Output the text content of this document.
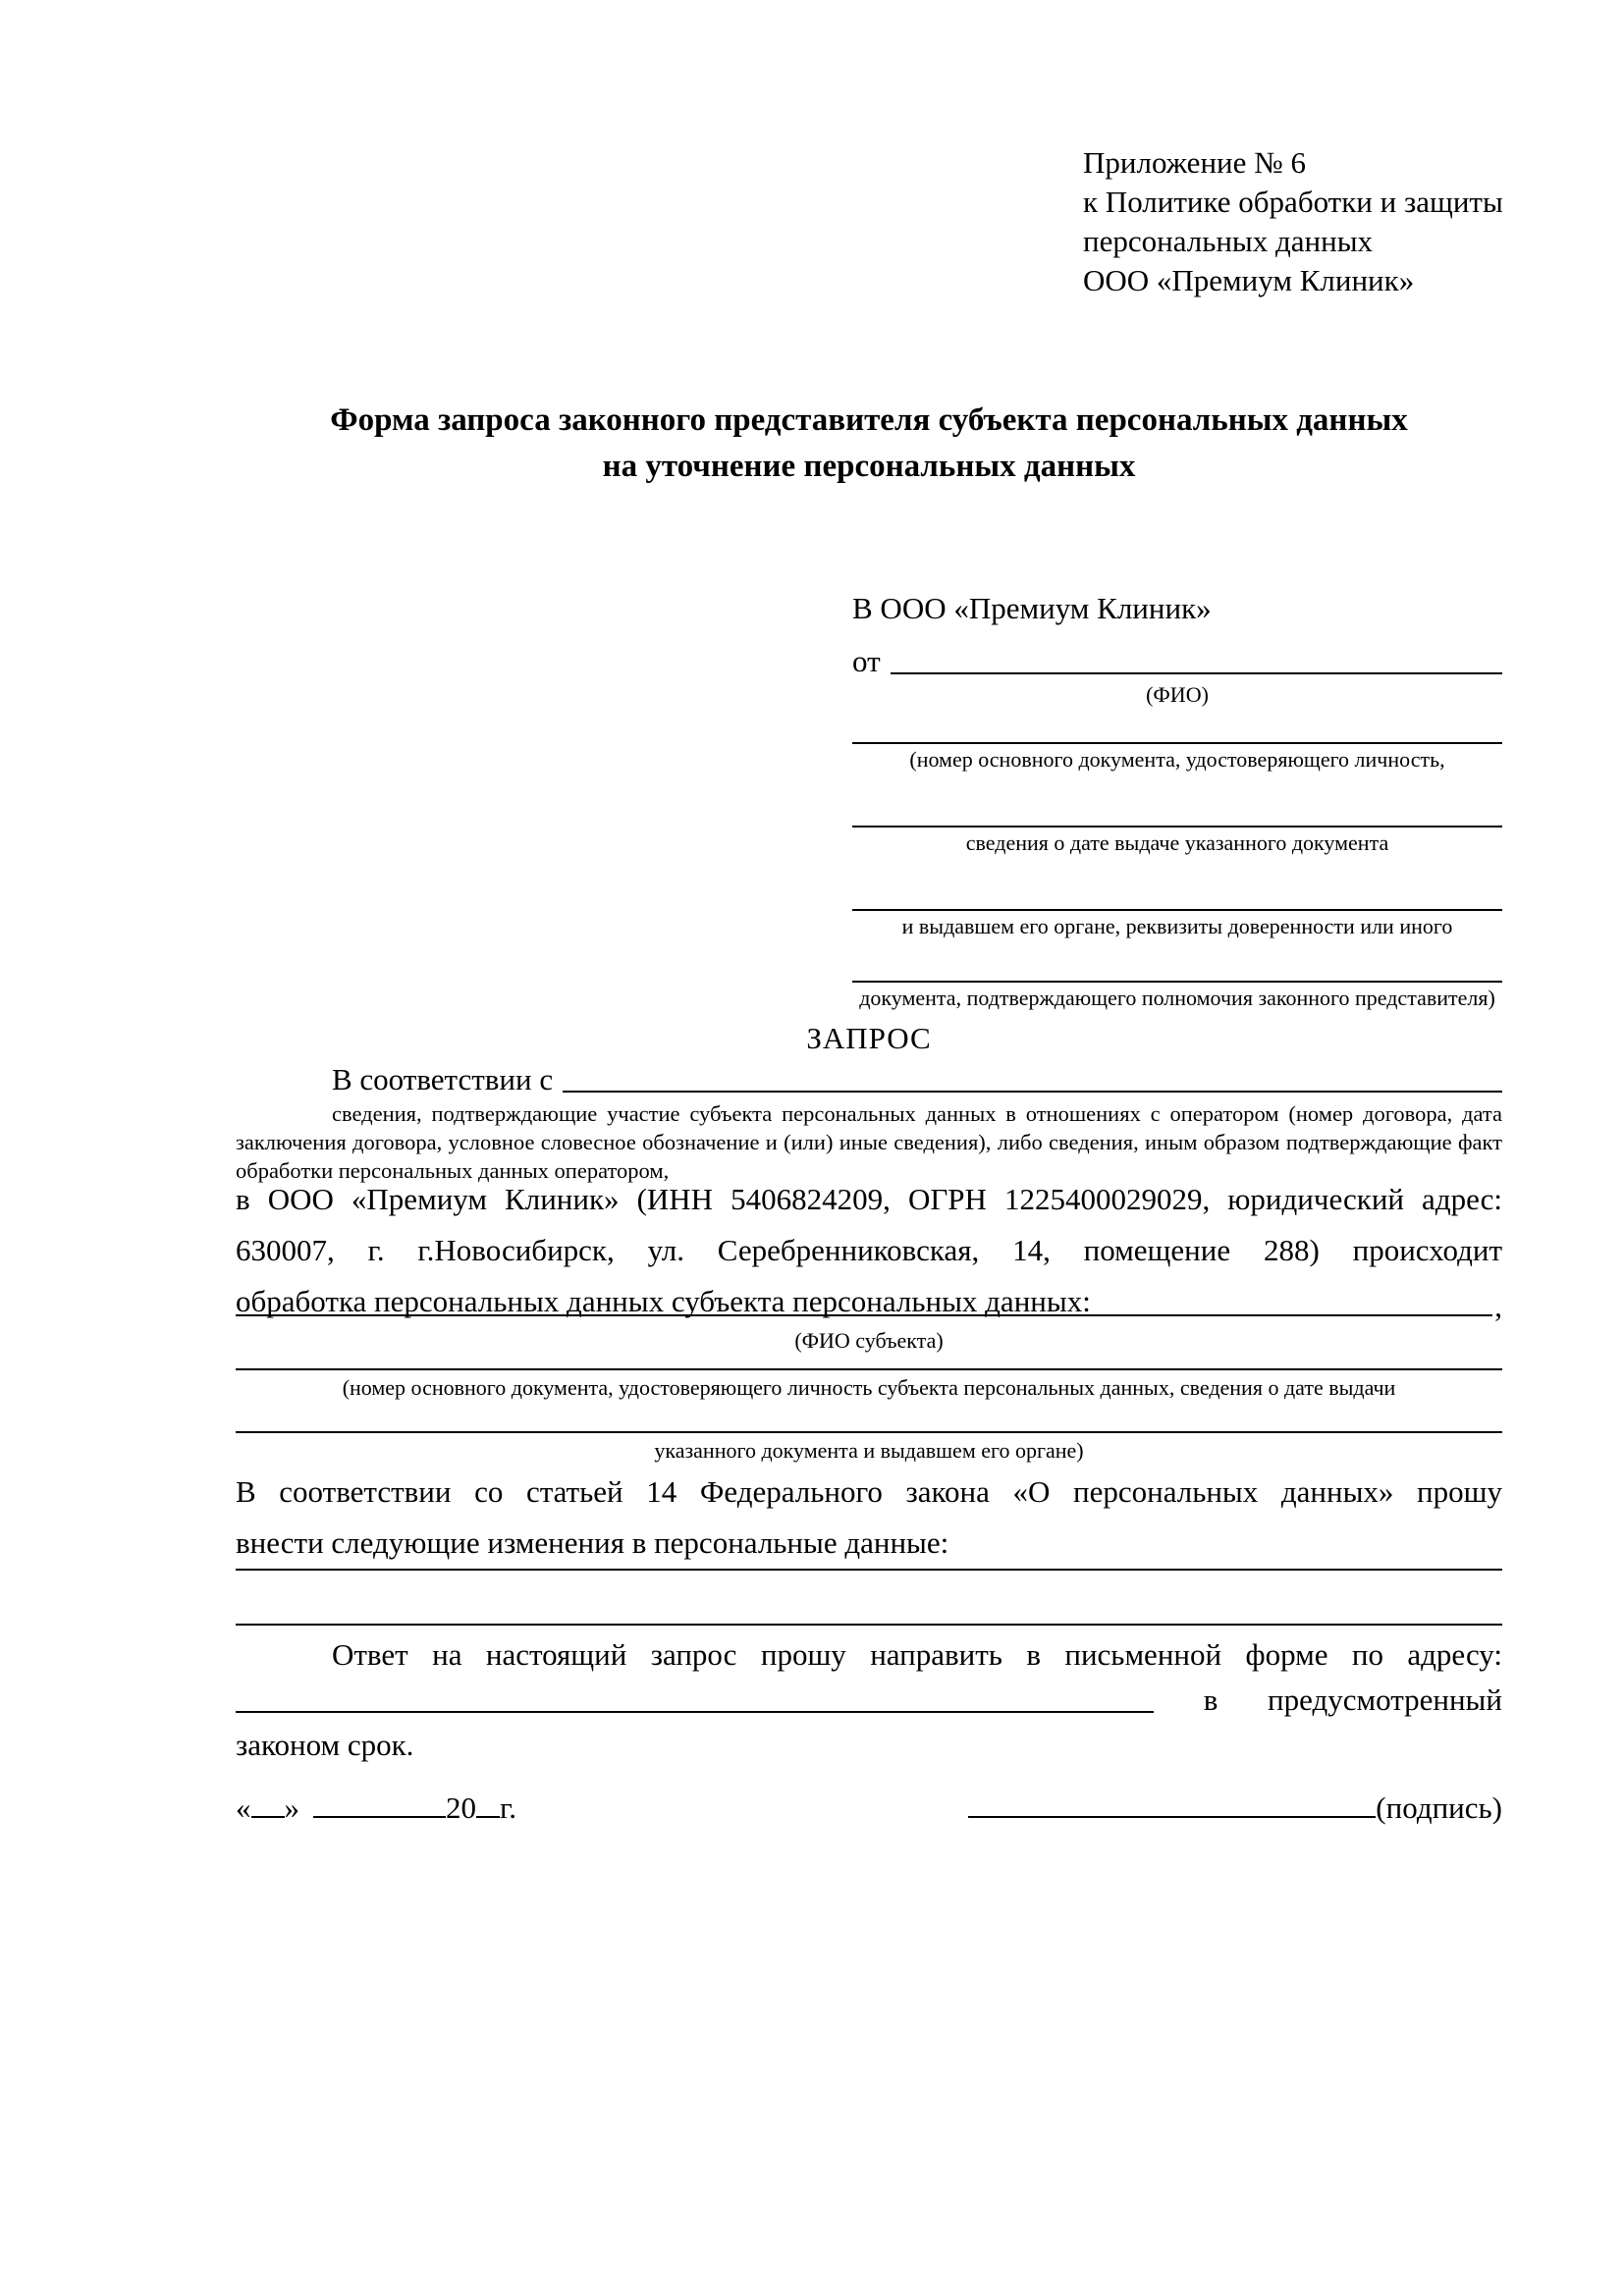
Приложение № 6
к Политике обработки и защиты
персональных данных
ООО «Премиум Клиник»
Форма запроса законного представителя субъекта персональных данных
на уточнение персональных данных
В ООО «Премиум Клиник»
от
(ФИО)
(номер основного документа, удостоверяющего личность,
сведения о дате выдаче указанного документа
и выдавшем его органе, реквизиты доверенности или иного
документа, подтверждающего полномочия законного представителя)
ЗАПРОС
В соответствии с
сведения, подтверждающие участие субъекта персональных данных в отношениях с оператором (номер договора, дата
заключения договора, условное словесное обозначение и (или) иные сведения), либо сведения, иным образом подтверждающие факт
обработки персональных данных оператором,
в ООО «Премиум Клиник» (ИНН 5406824209, ОГРН 1225400029029, юридический адрес:
630007, г. г.Новосибирск, ул. Серебренниковская, 14, помещение 288) происходит
обработка персональных данных субъекта персональных данных:	,
(ФИО субъекта)
(номер основного документа, удостоверяющего личность субъекта персональных данных, сведения о дате выдачи
указанного документа и выдавшем его органе)
В соответствии со статьей 14 Федерального закона «О персональных данных» прошу
внести следующие изменения в персональные данные:
Ответ на настоящий запрос прошу направить в письменной форме по адресу:
в предусмотренный
законом срок.
« »	20 г.	(подпись)
